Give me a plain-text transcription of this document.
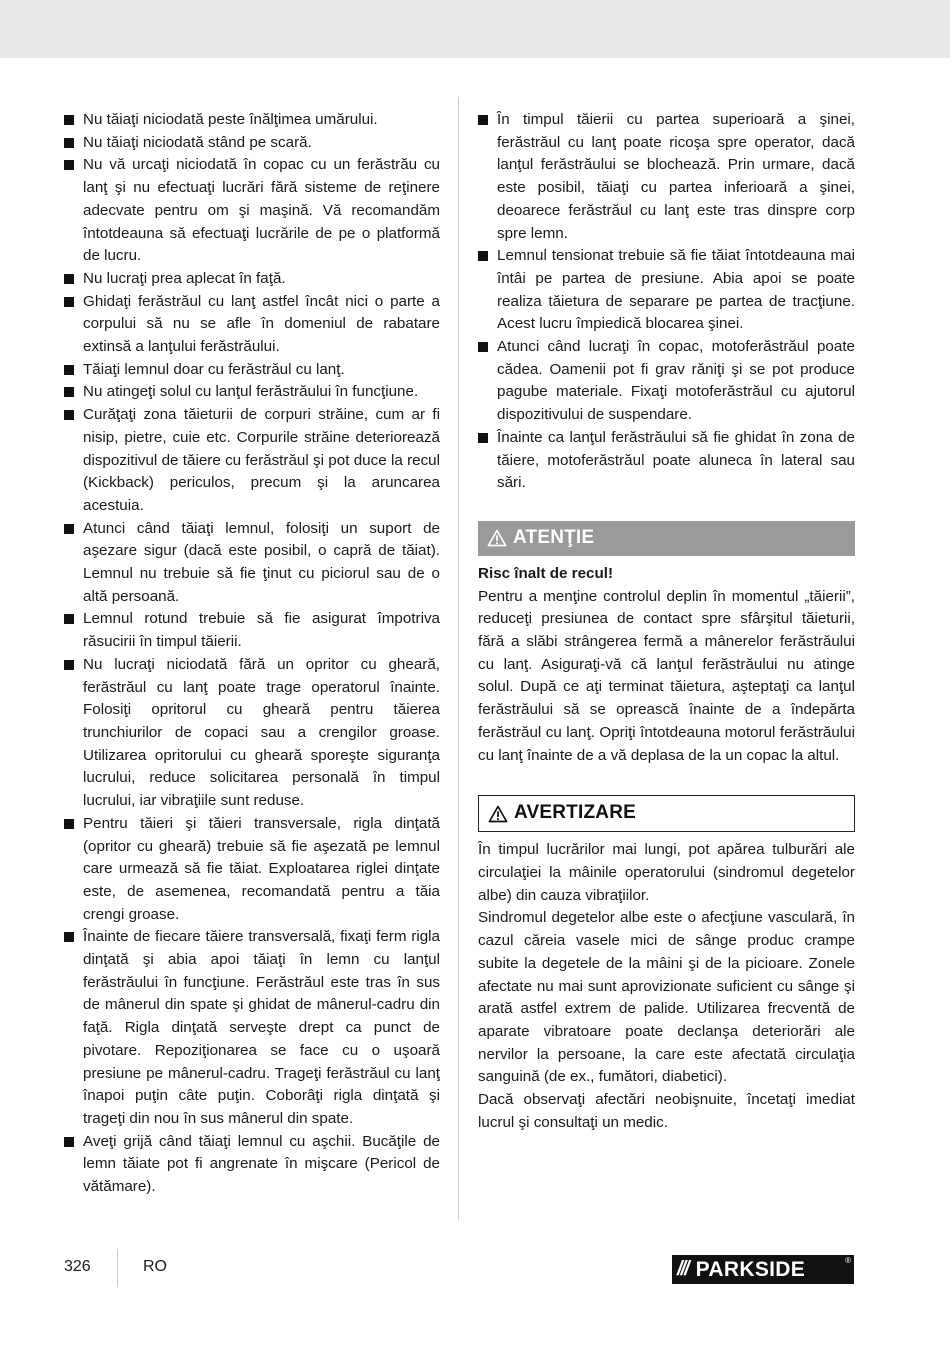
Nu tăiaţi niciodată peste înălţimea umărului.
Nu tăiaţi niciodată stând pe scară.
Nu vă urcaţi niciodată în copac cu un ferăstrău cu lanţ şi nu efectuaţi lucrări fără sisteme de reţinere adecvate pentru om şi maşină. Vă recomandăm întotdeauna să efectuaţi lucrările de pe o platformă de lucru.
Nu lucraţi prea aplecat în faţă.
Ghidaţi ferăstrăul cu lanţ astfel încât nici o parte a corpului să nu se afle în domeniul de rabatare extinsă a lanţului ferăstrăului.
Tăiaţi lemnul doar cu ferăstrăul cu lanţ.
Nu atingeţi solul cu lanţul ferăstrăului în funcţiune.
Curăţaţi zona tăieturii de corpuri străine, cum ar fi nisip, pietre, cuie etc. Corpurile străine deteriorează dispozitivul de tăiere cu ferăstrăul şi pot duce la recul (Kickback) periculos, precum şi la aruncarea acestuia.
Atunci când tăiaţi lemnul, folosiţi un suport de aşezare sigur (dacă este posibil, o capră de tăiat). Lemnul nu trebuie să fie ţinut cu piciorul sau de o altă persoană.
Lemnul rotund trebuie să fie asigurat împotriva răsucirii în timpul tăierii.
Nu lucraţi niciodată fără un opritor cu gheară, ferăstrăul cu lanţ poate trage operatorul înainte. Folosiţi opritorul cu gheară pentru tăierea trunchiurilor de copaci sau a crengilor groase. Utilizarea opritorului cu gheară sporeşte siguranţa lucrului, reduce solicitarea personală în timpul lucrului, iar vibraţiile sunt reduse.
Pentru tăieri şi tăieri transversale, rigla dinţată (opritor cu gheară) trebuie să fie aşezată pe lemnul care urmează să fie tăiat. Exploatarea riglei dinţate este, de asemenea, recomandată pentru a tăia crengi groase.
Înainte de fiecare tăiere transversală, fixaţi ferm rigla dinţată şi abia apoi tăiaţi în lemn cu lanţul ferăstrăului în funcţiune. Ferăstrăul este tras în sus de mânerul din spate şi ghidat de mânerul-cadru din faţă. Rigla dinţată serveşte drept ca punct de pivotare. Repoziţionarea se face cu o uşoară presiune pe mânerul-cadru. Trageţi ferăstrăul cu lanţ înapoi puţin câte puţin. Coborâţi rigla dinţată şi trageţi din nou în sus mânerul din spate.
Aveţi grijă când tăiaţi lemnul cu aşchii. Bucăţile de lemn tăiate pot fi angrenate în mişcare (Pericol de vătămare).
În timpul tăierii cu partea superioară a şinei, ferăstrăul cu lanţ poate ricoşa spre operator, dacă lanţul ferăstrăului se blochează. Prin urmare, dacă este posibil, tăiaţi cu partea inferioară a şinei, deoarece ferăstrăul cu lanţ este tras dinspre corp spre lemn.
Lemnul tensionat trebuie să fie tăiat întotdeauna mai întâi pe partea de presiune. Abia apoi se poate realiza tăietura de separare pe partea de tracţiune. Acest lucru împiedică blocarea şinei.
Atunci când lucraţi în copac, motoferăstrăul poate cădea. Oamenii pot fi grav răniţi şi se pot produce pagube materiale. Fixaţi motoferăstrăul cu ajutorul dispozitivului de suspendare.
Înainte ca lanţul ferăstrăului să fie ghidat în zona de tăiere, motoferăstrăul poate aluneca în lateral sau sări.
ATENŢIE
Risc înalt de recul!
Pentru a menţine controlul deplin în momentul „tăierii”, reduceţi presiunea de contact spre sfârşitul tăieturii, fără a slăbi strângerea fermă a mânerelor ferăstrăului cu lanţ. Asiguraţi-vă că lanţul ferăstrăului nu atinge solul. După ce aţi terminat tăietura, aşteptaţi ca lanţul ferăstrăului să se oprească înainte de a îndepărta ferăstrăul cu lanţ. Opriţi întotdeauna motorul ferăstrăului cu lanţ înainte de a vă deplasa de la un copac la altul.
AVERTIZARE
În timpul lucrărilor mai lungi, pot apărea tulburări ale circulaţiei la mâinile operatorului (sindromul degetelor albe) din cauza vibraţiilor.
Sindromul degetelor albe este o afecţiune vasculară, în cazul căreia vasele mici de sânge produc crampe subite la degetele de la mâini şi de la picioare. Zonele afectate nu mai sunt aprovizionate suficient cu sânge şi arată astfel extrem de palide. Utilizarea frecventă de aparate vibratoare poate declanşa deteriorări ale nervilor la persoane, la care este afectată circulaţia sanguină (de ex., fumători, diabetici).
Dacă observaţi afectări neobişnuite, încetaţi imediat lucrul şi consultaţi un medic.
326	RO	/// PARKSIDE	®
